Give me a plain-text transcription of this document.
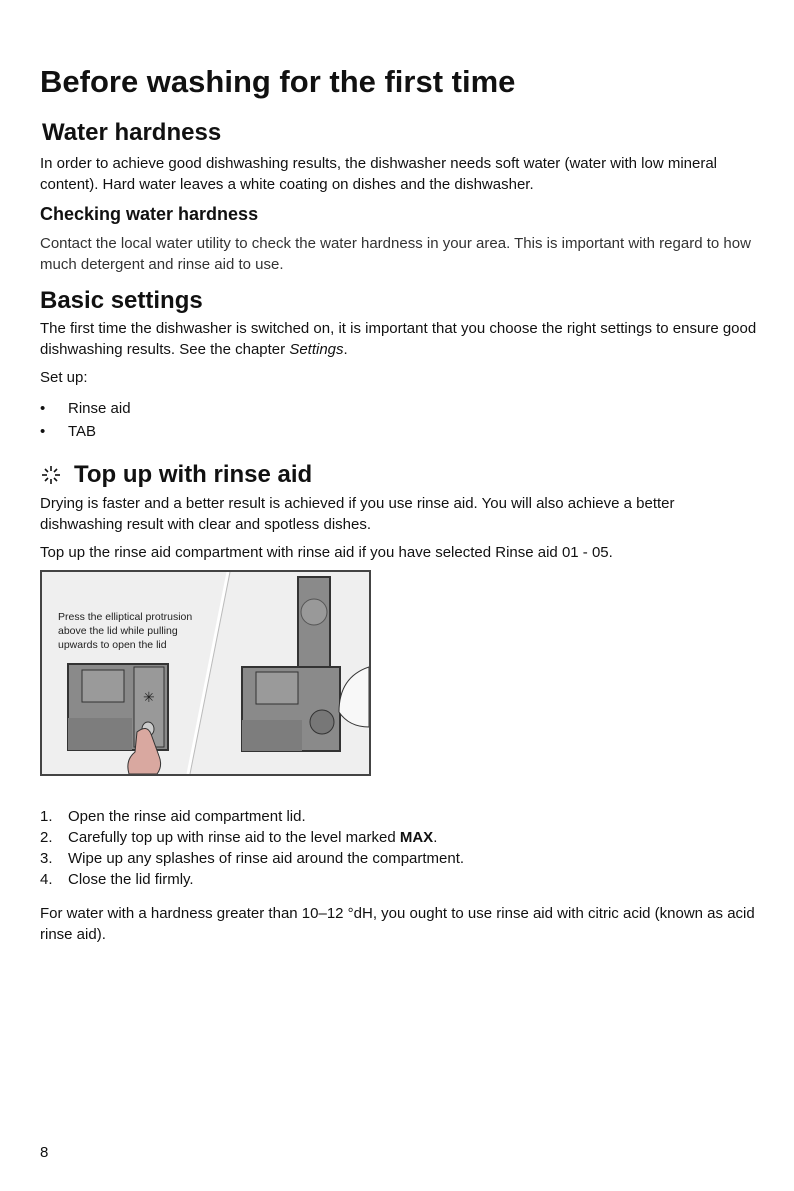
Before washing for the first time
Water hardness

In order to achieve good dishwashing results, the dishwasher needs soft water (water with low mineral content). Hard water leaves a white coating on dishes and the dishwasher.

Checking water hardness

Contact the local water utility to check the water hardness in your area. This is important with regard to how much detergent and rinse aid to use.

Basic settings

The first time the dishwasher is switched on, it is important that you choose the right settings to ensure good dishwashing results. See the chapter Settings.

Set up:

• Rinse aid
• TAB
Top up with rinse aid

Drying is faster and a better result is achieved if you use rinse aid. You will also achieve a better dishwashing result with clear and spotless dishes.

Top up the rinse aid compartment with rinse aid if you have selected Rinse aid 01 - 05.

✳
Press the elliptical protrusion above the lid while pulling upwards to open the lid
1. Open the rinse aid compartment lid.
2. Carefully top up with rinse aid to the level marked MAX.
3. Wipe up any splashes of rinse aid around the compartment.
4. Close the lid firmly.

For water with a hardness greater than 10–12 °dH, you ought to use rinse aid with citric acid (known as acid rinse aid).

8
